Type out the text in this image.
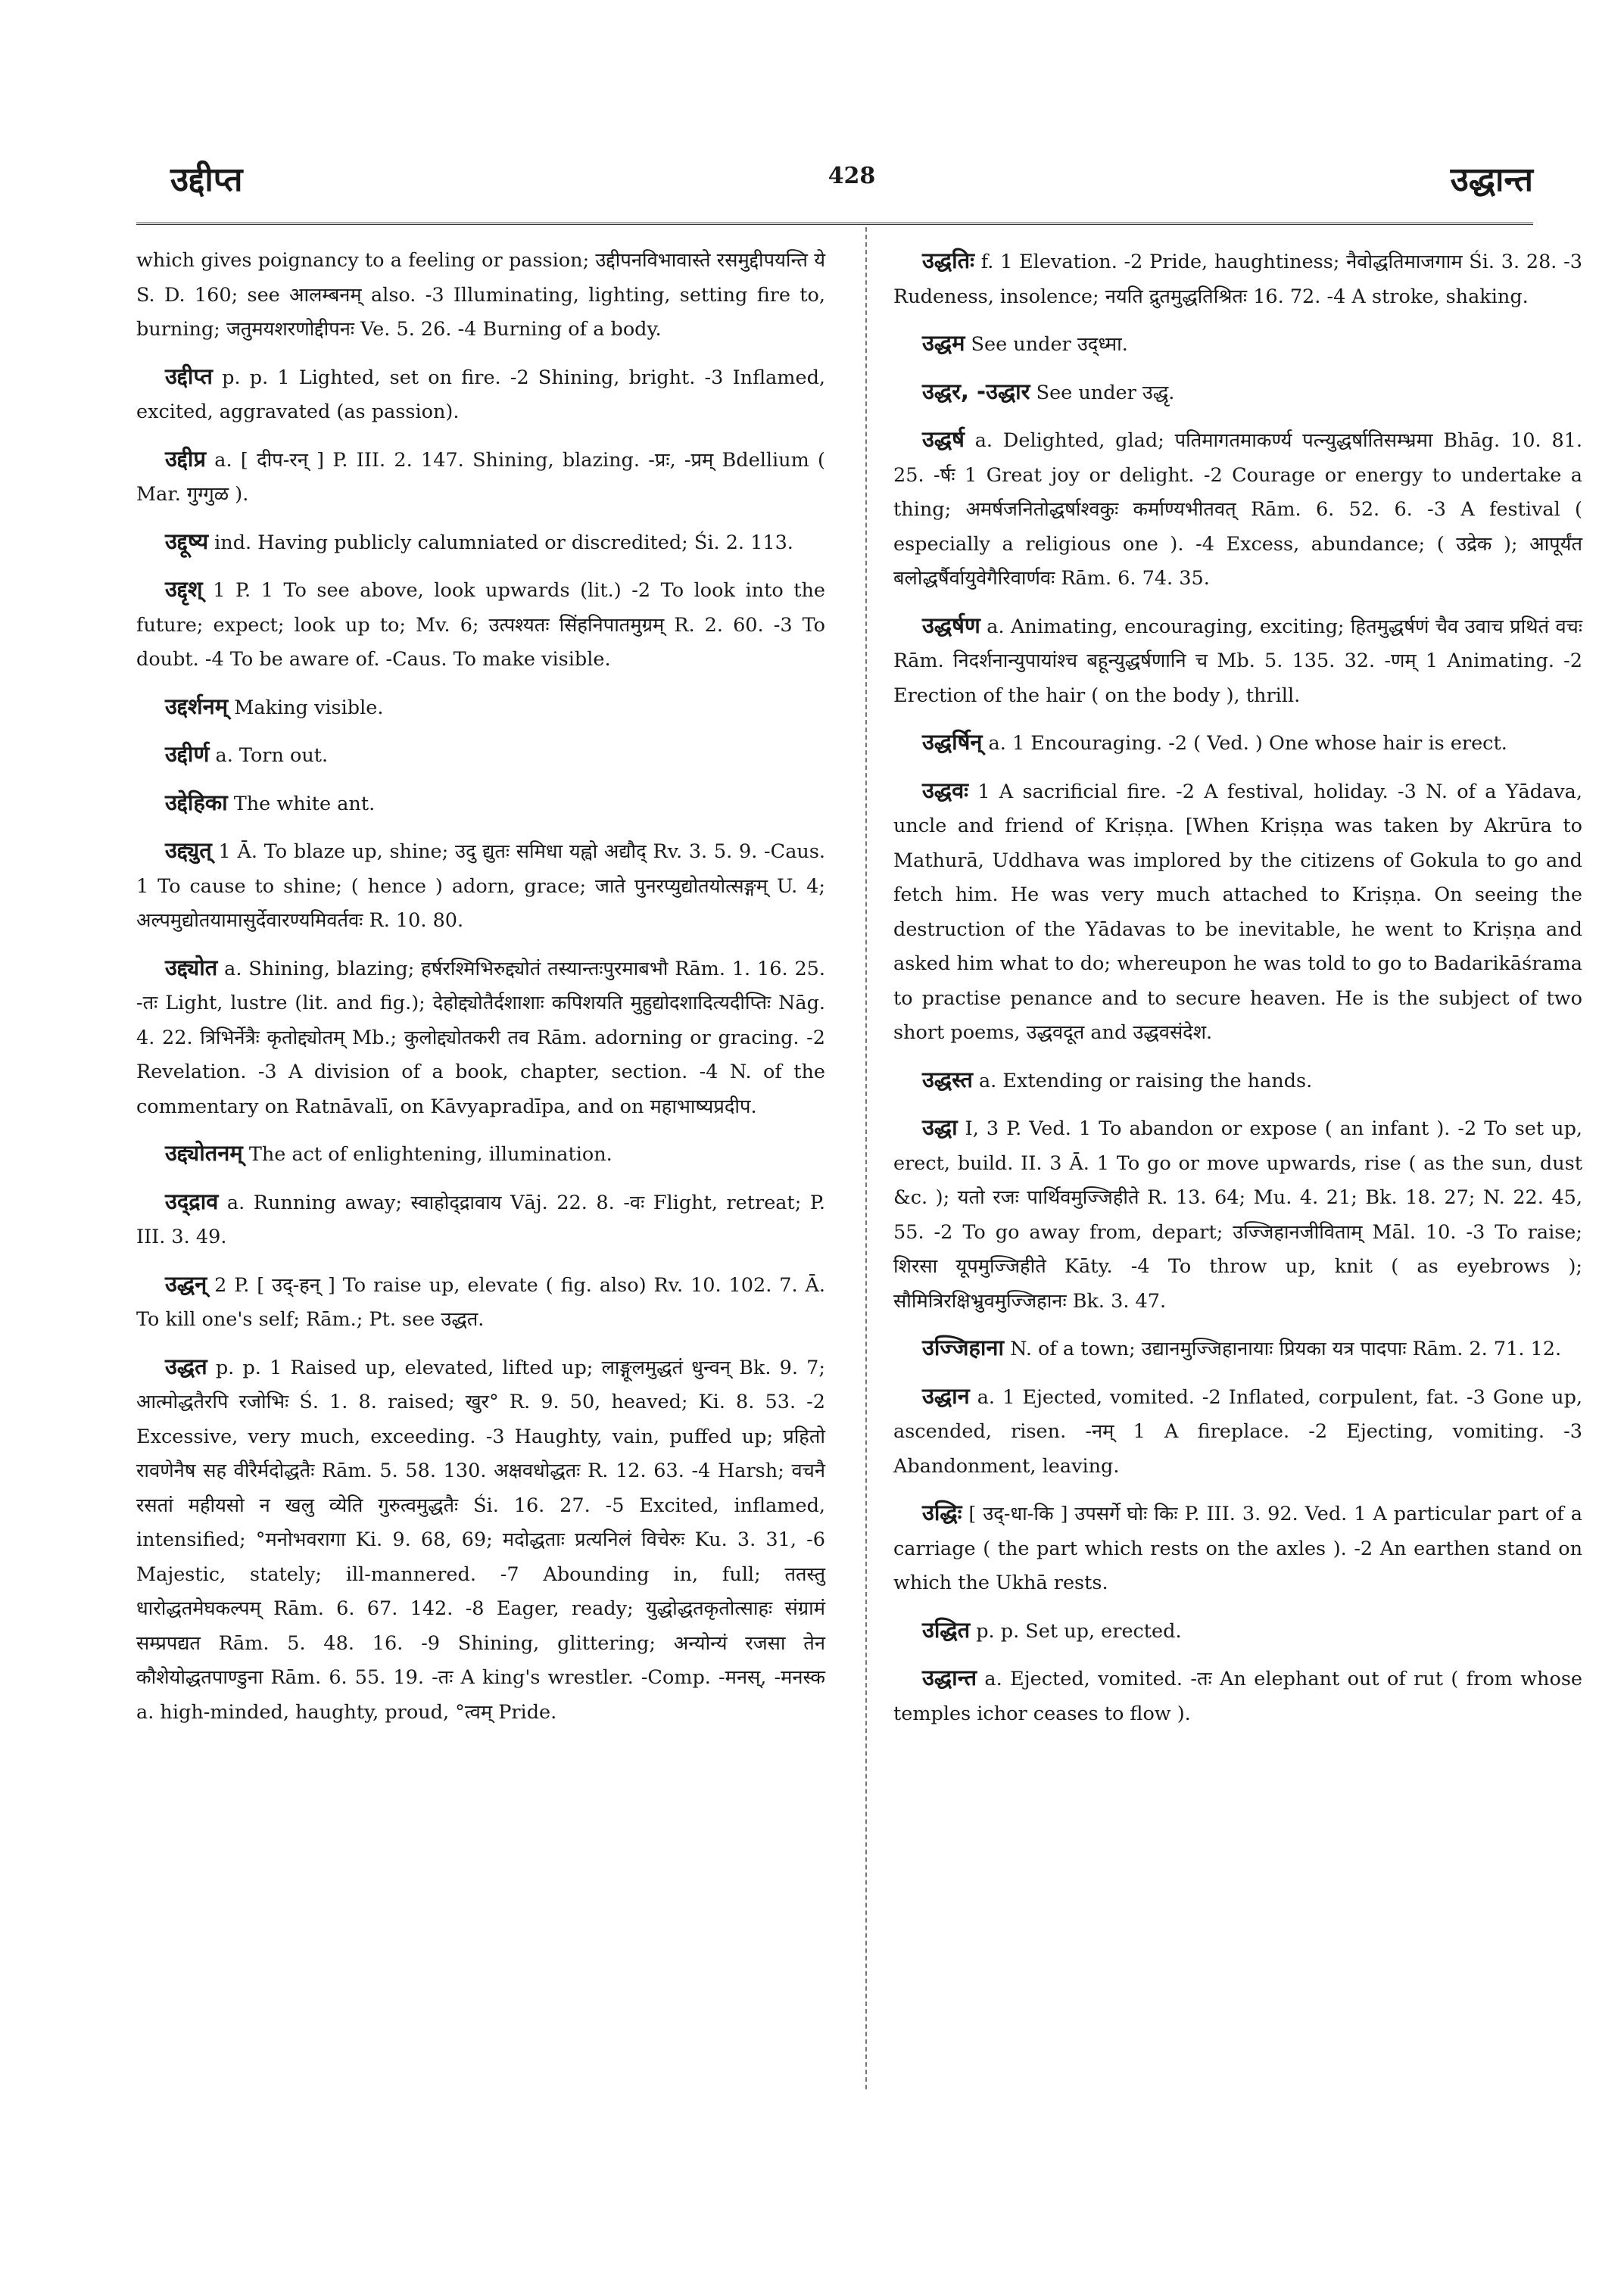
उद्दीप्त	428	उद्धान्त

which gives poignancy to a feeling or passion; उद्दीपनविभावास्ते रसमुद्दीपयन्ति ये S. D. 160; see आलम्बनम् also. -3 Illuminating, lighting, setting fire to, burning; जतुमयशरणोद्दीपनः Ve. 5. 26. -4 Burning of a body.

उद्दीप्त p. p. 1 Lighted, set on fire. -2 Shining, bright. -3 Inflamed, excited, aggravated (as passion).

उद्दीप्र a. [ दीप-रन् ] P. III. 2. 147. Shining, blazing. -प्रः, -प्रम् Bdellium ( Mar. गुग्गुळ ).

उद्दूष्य ind. Having publicly calumniated or discredited; Śi. 2. 113.

उद्दृश् 1 P. 1 To see above, look upwards (lit.) -2 To look into the future; expect; look up to; Mv. 6; उत्पश्यतः सिंहनिपातमुग्रम् R. 2. 60. -3 To doubt. -4 To be aware of. -Caus. To make visible.

उद्दर्शनम् Making visible.

उद्दीर्ण a. Torn out.

उद्देहिका The white ant.

उद्द्युत् 1 Ā. To blaze up, shine; उदु द्युतः समिधा यह्वो अद्यौद् Rv. 3. 5. 9. -Caus. 1 To cause to shine; ( hence ) adorn, grace; जाते पुनरप्युद्योतयोत्सङ्गम् U. 4; अल्पमुद्योतयामासुर्देवारण्यमिवर्तवः R. 10. 80.

उद्द्योत a. Shining, blazing; हर्षरश्मिभिरुद्द्योतं तस्यान्तःपुरमाबभौ Rām. 1. 16. 25. -तः Light, lustre (lit. and fig.); देहोद्द्योतैर्दशाशाः कपिशयति मुहुद्योदशादित्यदीप्तिः Nāg. 4. 22. त्रिभिर्नेत्रैः कृतोद्द्योतम् Mb.; कुलोद्द्योतकरी तव Rām. adorning or gracing. -2 Revelation. -3 A division of a book, chapter, section. -4 N. of the commentary on Ratnāvalī, on Kāvyapradīpa, and on महाभाष्यप्रदीप.

उद्द्योतनम् The act of enlightening, illumination.

उद्द्राव a. Running away; स्वाहोद्द्रावाय Vāj. 22. 8. -वः Flight, retreat; P. III. 3. 49.

उद्धन् 2 P. [ उद्-हन् ] To raise up, elevate ( fig. also) Rv. 10. 102. 7. Ā. To kill one's self; Rām.; Pt. see उद्धत.

उद्धत p. p. 1 Raised up, elevated, lifted up; लाङ्गूलमुद्धतं धुन्वन् Bk. 9. 7; आत्मोद्धतैरपि रजोभिः Ś. 1. 8. raised; खुर° R. 9. 50, heaved; Ki. 8. 53. -2 Excessive, very much, exceeding. -3 Haughty, vain, puffed up; प्रहितो रावणेनैष सह वीरैर्मदोद्धतैः Rām. 5. 58. 130. अक्षवधोद्धतः R. 12. 63. -4 Harsh; वचनै रसतां महीयसो न खलु व्येति गुरुत्वमुद्धतैः Śi. 16. 27. -5 Excited, inflamed, intensified; °मनोभवरागा Ki. 9. 68, 69; मदोद्धताः प्रत्यनिलं विचेरुः Ku. 3. 31, -6 Majestic, stately; ill-mannered. -7 Abounding in, full; ततस्तु धारोद्धतमेघकल्पम् Rām. 6. 67. 142. -8 Eager, ready; युद्धोद्धतकृतोत्साहः संग्रामं सम्प्रपद्यत Rām. 5. 48. 16. -9 Shining, glittering; अन्योन्यं रजसा तेन कौशेयोद्धतपाण्डुना Rām. 6. 55. 19. -तः A king's wrestler. -Comp. -मनस्, -मनस्क a. high-minded, haughty, proud, °त्वम् Pride.

उद्धतिः f. 1 Elevation. -2 Pride, haughtiness; नैवोद्धतिमाजगाम Śi. 3. 28. -3 Rudeness, insolence; नयति द्रुतमुद्धतिश्रितः 16. 72. -4 A stroke, shaking.

उद्धम See under उद्ध्मा.

उद्धर, -उद्धार See under उद्धृ.

उद्धर्ष a. Delighted, glad; पतिमागतमाकर्ण्य पत्न्युद्धर्षातिसम्भ्रमा Bhāg. 10. 81. 25. -र्षः 1 Great joy or delight. -2 Courage or energy to undertake a thing; अमर्षजनितोद्धर्षाश्वकुः कर्माण्यभीतवत् Rām. 6. 52. 6. -3 A festival ( especially a religious one ). -4 Excess, abundance; ( उद्रेक ); आपूर्यंत बलोद्धर्षैर्वायुवेगैरिवार्णवः Rām. 6. 74. 35.

उद्धर्षण a. Animating, encouraging, exciting; हितमुद्धर्षणं चैव उवाच प्रथितं वचः Rām. निदर्शनान्युपायांश्च बहून्युद्धर्षणानि च Mb. 5. 135. 32. -णम् 1 Animating. -2 Erection of the hair ( on the body ), thrill.

उद्धर्षिन् a. 1 Encouraging. -2 ( Ved. ) One whose hair is erect.

उद्धवः 1 A sacrificial fire. -2 A festival, holiday. -3 N. of a Yādava, uncle and friend of Kriṣṇa. [When Kriṣṇa was taken by Akrūra to Mathurā, Uddhava was implored by the citizens of Gokula to go and fetch him. He was very much attached to Kriṣṇa. On seeing the destruction of the Yādavas to be inevitable, he went to Kriṣṇa and asked him what to do; whereupon he was told to go to Badarikāśrama to practise penance and to secure heaven. He is the subject of two short poems, उद्धवदूत and उद्धवसंदेश.

उद्धस्त a. Extending or raising the hands.

उद्धा I, 3 P. Ved. 1 To abandon or expose ( an infant ). -2 To set up, erect, build. II. 3 Ā. 1 To go or move upwards, rise ( as the sun, dust &c. ); यतो रजः पार्थिवमुज्जिहीते R. 13. 64; Mu. 4. 21; Bk. 18. 27; N. 22. 45, 55. -2 To go away from, depart; उज्जिहानजीविताम् Māl. 10. -3 To raise; शिरसा यूपमुज्जिहीते Kāty. -4 To throw up, knit ( as eyebrows ); सौमित्रिरक्षिभ्रुवमुज्जिहानः Bk. 3. 47.

उज्जिहाना N. of a town; उद्यानमुज्जिहानायाः प्रियका यत्र पादपाः Rām. 2. 71. 12.

उद्धान a. 1 Ejected, vomited. -2 Inflated, corpulent, fat. -3 Gone up, ascended, risen. -नम् 1 A fireplace. -2 Ejecting, vomiting. -3 Abandonment, leaving.

उद्धिः [ उद्-धा-कि ] उपसर्गे घोः किः P. III. 3. 92. Ved. 1 A particular part of a carriage ( the part which rests on the axles ). -2 An earthen stand on which the Ukhā rests.

उद्धित p. p. Set up, erected.

उद्धान्त a. Ejected, vomited. -तः An elephant out of rut ( from whose temples ichor ceases to flow ).
